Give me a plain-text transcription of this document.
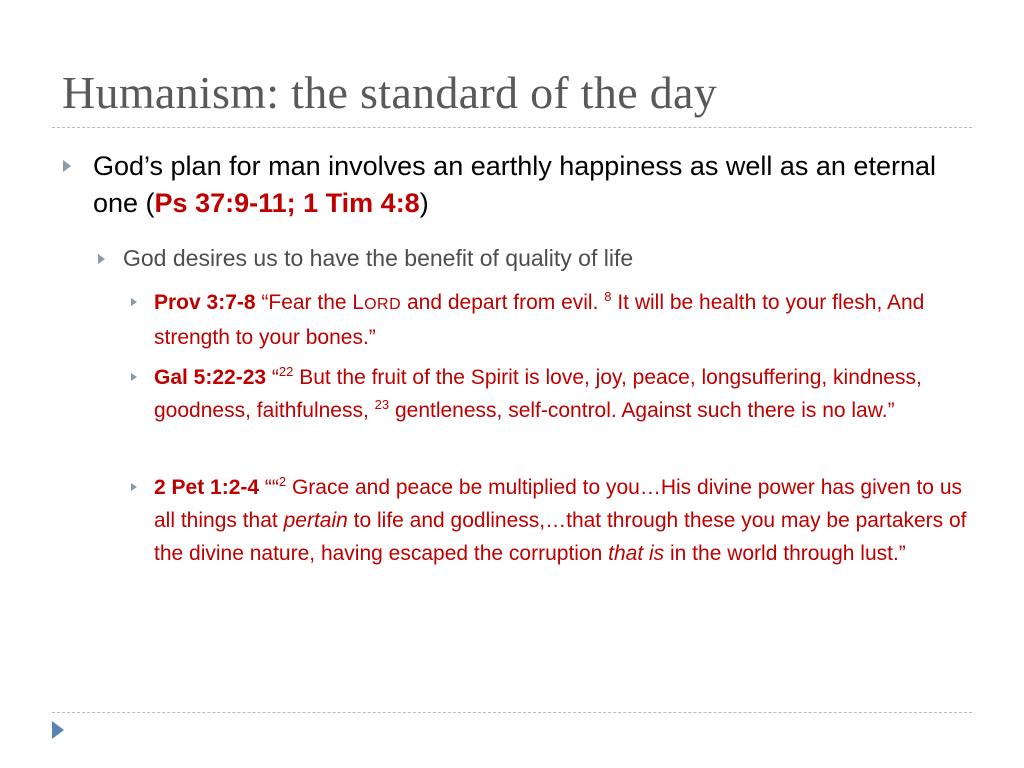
Humanism: the standard of the day
God’s plan for man involves an earthly happiness as well as an eternal one (Ps 37:9-11; 1 Tim 4:8)
God desires us to have the benefit of quality of life
Prov 3:7-8 “Fear the LORD and depart from evil. $^8$ It will be health to your flesh, And strength to your bones.”
Gal 5:22-23 “$^{22}$ But the fruit of the Spirit is love, joy, peace, longsuffering, kindness, goodness, faithfulness, $^{23}$ gentleness, self-control. Against such there is no law.”
2 Pet 1:2-4 ““$^2$ Grace and peace be multiplied to you…His divine power has given to us all things that pertain to life and godliness,…that through these you may be partakers of the divine nature, having escaped the corruption that is in the world through lust.”
